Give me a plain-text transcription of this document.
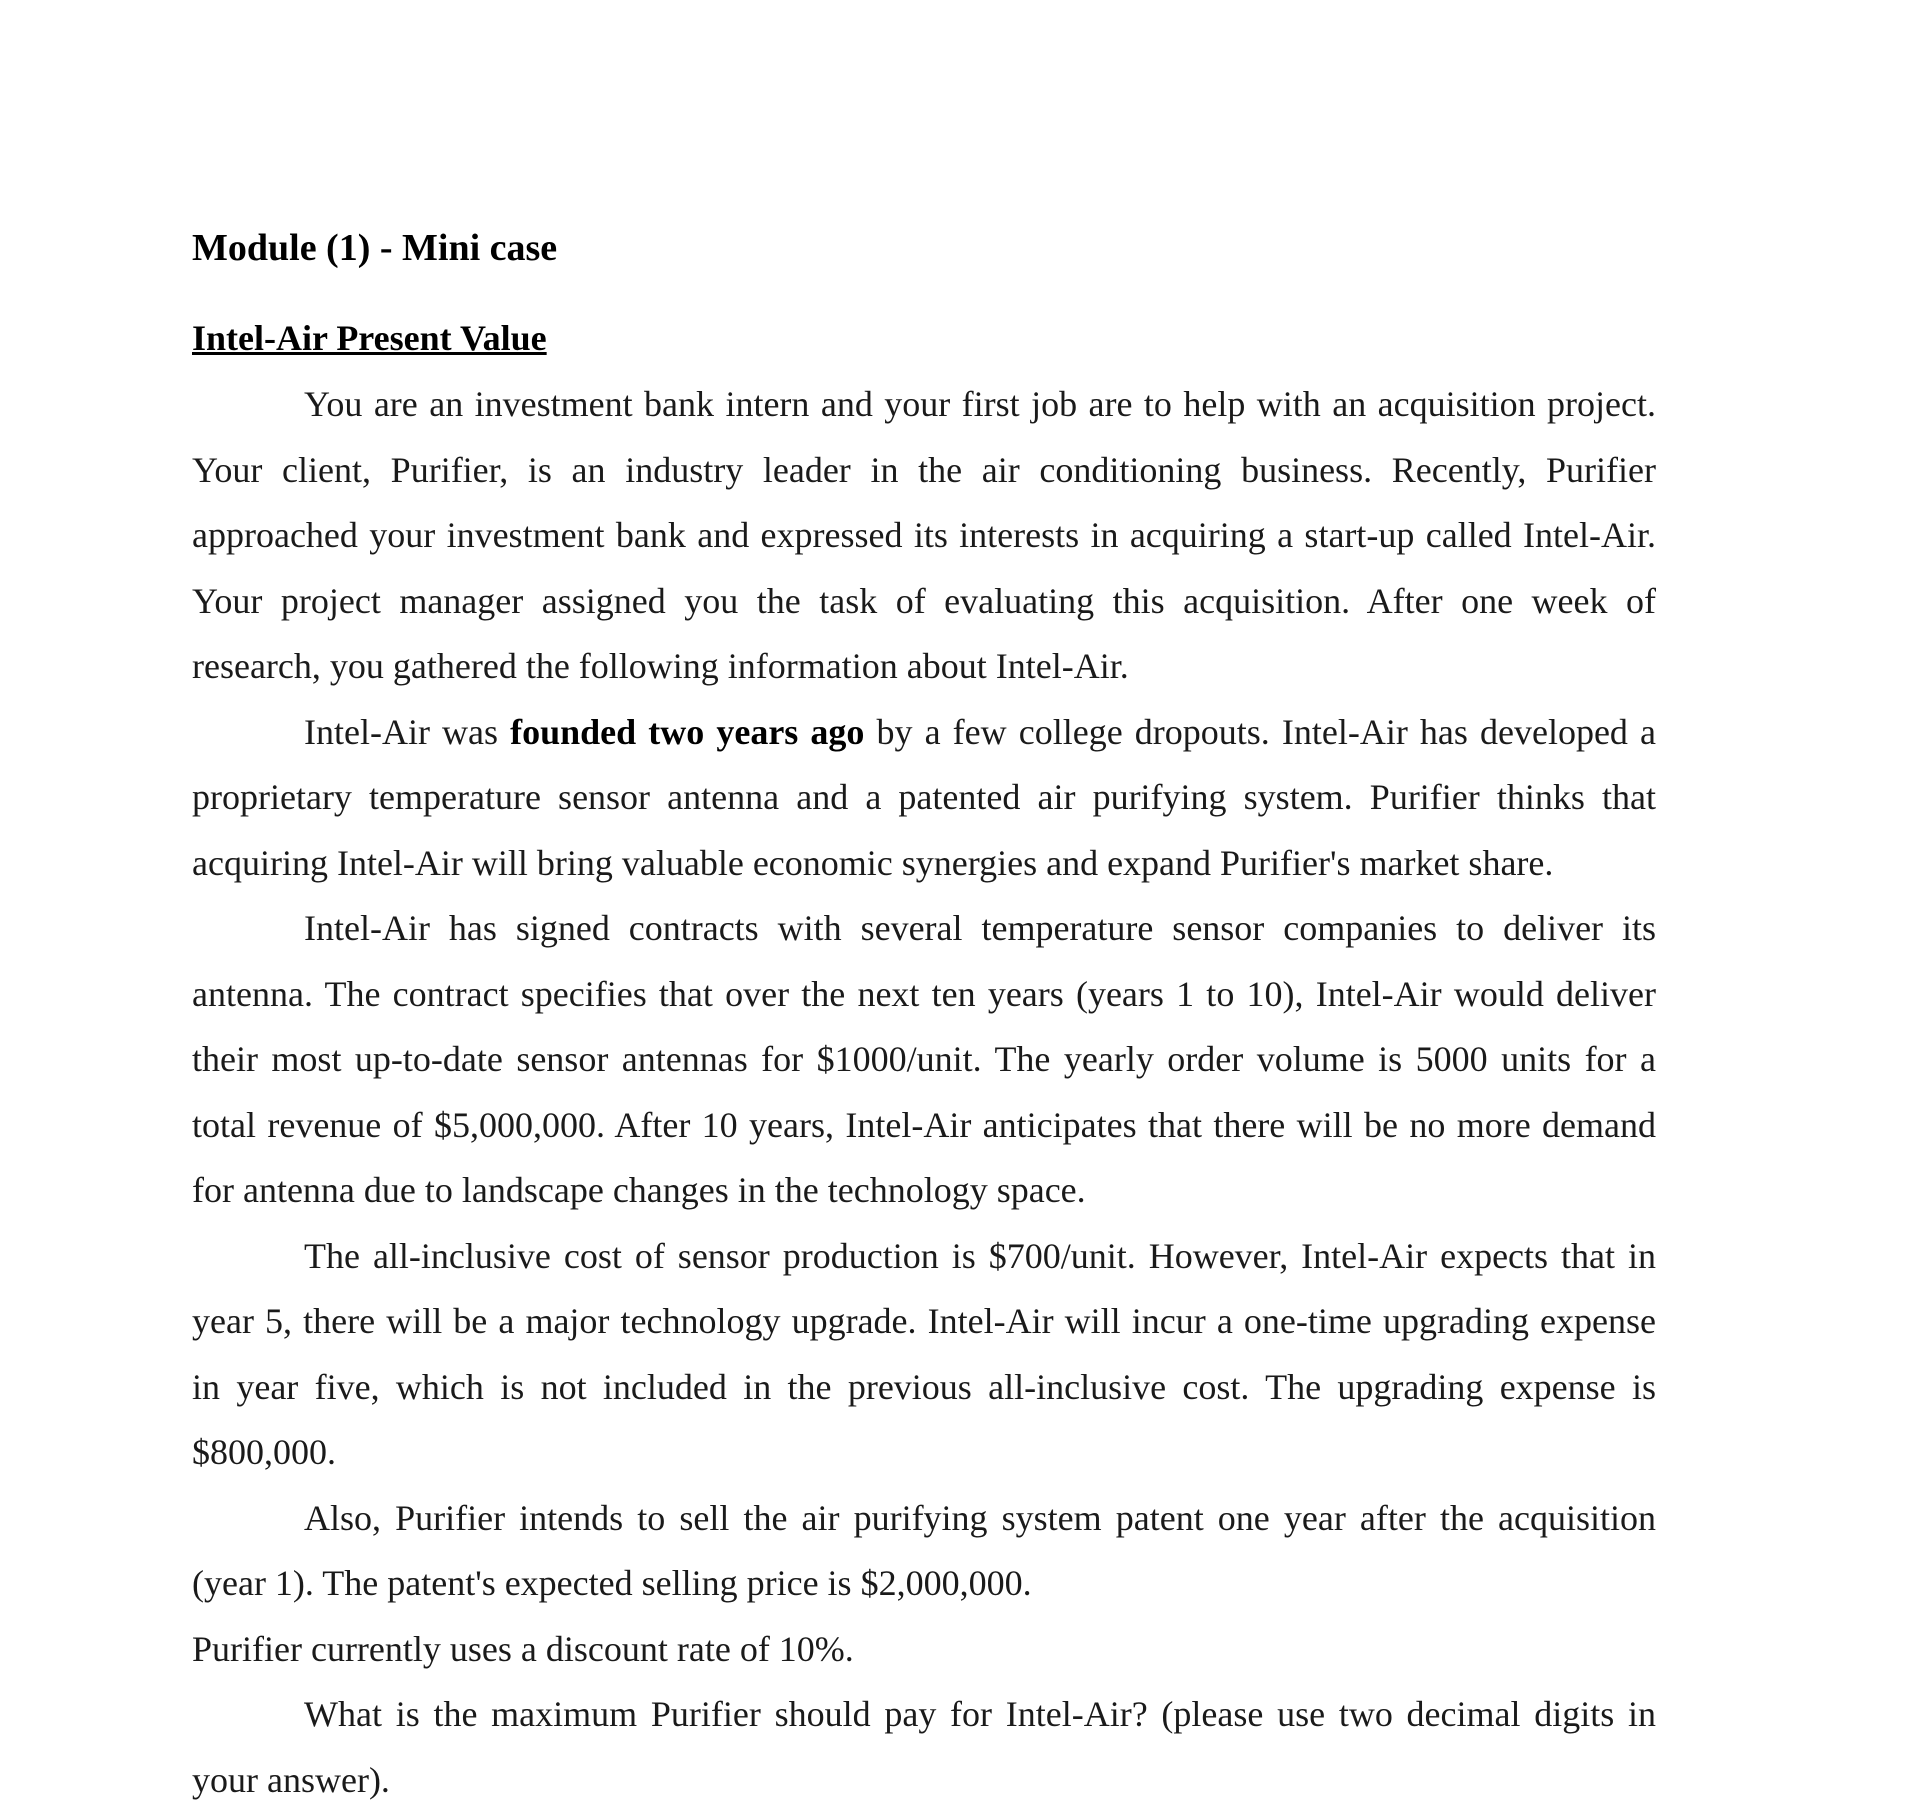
Module (1) - Mini case
Intel-Air Present Value

You are an investment bank intern and your first job are to help with an acquisition project. Your client, Purifier, is an industry leader in the air conditioning business. Recently, Purifier approached your investment bank and expressed its interests in acquiring a start-up called Intel-Air. Your project manager assigned you the task of evaluating this acquisition. After one week of research, you gathered the following information about Intel-Air.

Intel-Air was founded two years ago by a few college dropouts. Intel-Air has developed a proprietary temperature sensor antenna and a patented air purifying system. Purifier thinks that acquiring Intel-Air will bring valuable economic synergies and expand Purifier's market share.

Intel-Air has signed contracts with several temperature sensor companies to deliver its antenna. The contract specifies that over the next ten years (years 1 to 10), Intel-Air would deliver their most up-to-date sensor antennas for $1000/unit. The yearly order volume is 5000 units for a total revenue of $5,000,000. After 10 years, Intel-Air anticipates that there will be no more demand for antenna due to landscape changes in the technology space.

The all-inclusive cost of sensor production is $700/unit. However, Intel-Air expects that in year 5, there will be a major technology upgrade. Intel-Air will incur a one-time upgrading expense in year five, which is not included in the previous all-inclusive cost. The upgrading expense is $800,000.

Also, Purifier intends to sell the air purifying system patent one year after the acquisition (year 1). The patent's expected selling price is $2,000,000.

Purifier currently uses a discount rate of 10%.

What is the maximum Purifier should pay for Intel-Air? (please use two decimal digits in your answer).
